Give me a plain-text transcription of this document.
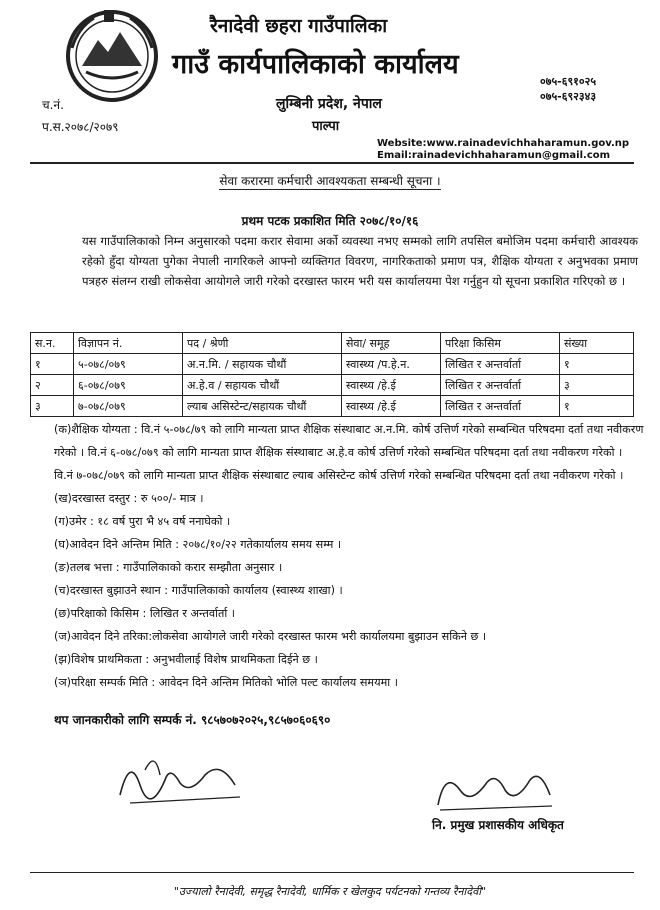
रैनादेवी छहरा गाउँपालिका
गाउँ कार्यपालिकाको कार्यालय
लुम्बिनी प्रदेश, नेपाल
पाल्पा
०७५-६९१०२५
०७५-६९२३४३
च.नं.
प.स.२०७८/२०७९
Website:www.rainadevichhaharamun.gov.np
Email:rainadevichhaharamun@gmail.com
सेवा करारमा कर्मचारी आवश्यकता सम्बन्धी सूचना ।
प्रथम पटक प्रकाशित मिति २०७८/१०/१६
यस गाउँपालिकाको निम्न अनुसारको पदमा करार सेवामा अर्को व्यवस्था नभए सम्मको लागि तपसिल बमोजिम पदमा कर्मचारी आवश्यक रहेको हुँदा योग्यता पुगेका नेपाली नागरिकले आफ्नो व्यक्तिगत विवरण, नागरिकताको प्रमाण पत्र, शैक्षिक योग्यता र अनुभवका प्रमाण पत्रहरु संलग्न राखी लोकसेवा आयोगले जारी गरेको दरखास्त फारम भरी यस कार्यालयमा पेश गर्नुहुन यो सूचना प्रकाशित गरिएको छ ।
स.न.	विज्ञापन नं.	पद / श्रेणी	सेवा/ समूह	परिक्षा किसिम	संख्या
१	५-०७८/०७९	अ.न.मि. / सहायक चौथौं	स्वास्थ्य /प.हे.न.	लिखित र अन्तर्वार्ता	१
२	६-०७८/०७९	अ.हे.व / सहायक चौथौं	स्वास्थ्य /हे.ई	लिखित र अन्तर्वार्ता	३
३	७-०७८/०७९	ल्याब असिस्टेन्ट/सहायक चौथौं	स्वास्थ्य /हे.ई	लिखित र अन्तर्वार्ता	१

(क)शैक्षिक योग्यता : वि.नं ५-०७८/७९ को लागि मान्यता प्राप्त शैक्षिक संस्थाबाट अ.न.मि. कोर्ष उत्तिर्ण गरेको सम्बन्धित परिषदमा दर्ता तथा नवीकरण गरेको । वि.नं ६-०७८/०७९ को लागि मान्यता प्राप्त शैक्षिक संस्थाबाट अ.हे.व कोर्ष उत्तिर्ण गरेको सम्बन्धित परिषदमा दर्ता तथा नवीकरण गरेको । वि.नं ७-०७८/०७९ को लागि मान्यता प्राप्त शैक्षिक संस्थाबाट ल्याब असिस्टेन्ट कोर्ष उत्तिर्ण गरेको सम्बन्धित परिषदमा दर्ता तथा नवीकरण गरेको ।

(ख)दरखास्त दस्तुर : रु ५००/- मात्र ।

(ग)उमेर : १८ वर्ष पुरा भै ४५ वर्ष ननाघेको ।

(घ)आवेदन दिने अन्तिम मिति : २०७८/१०/२२ गतेकार्यालय समय सम्म ।

(ङ)तलब भत्ता : गाउँपालिकाको करार सम्झौता अनुसार ।

(च)दरखास्त बुझाउने स्थान : गाउँपालिकाको कार्यालय (स्वास्थ्य शाखा) ।

(छ)परिक्षाको किसिम : लिखित र अन्तर्वार्ता ।

(ज)आवेदन दिने तरिका:लोकसेवा आयोगले जारी गरेको दरखास्त फारम भरी कार्यालयमा बुझाउन सकिने छ ।

(झ)विशेष प्राथमिकता : अनुभवीलाई विशेष प्राथमिकता दिईने छ ।

(ञ)परिक्षा सम्पर्क मिति : आवेदन दिने अन्तिम मितिको भोलि पल्ट कार्यालय समयमा ।

थप जानकारीको लागि सम्पर्क नं. ९८५७०७२०२५,९८५७०६०६९०
नि. प्रमुख प्रशासकीय अधिकृत
"उज्यालो रैनादेवी, समृद्ध रैनादेवी, धार्मिक र खेलकुद पर्यटनको गन्तव्य रैनादेवी"
